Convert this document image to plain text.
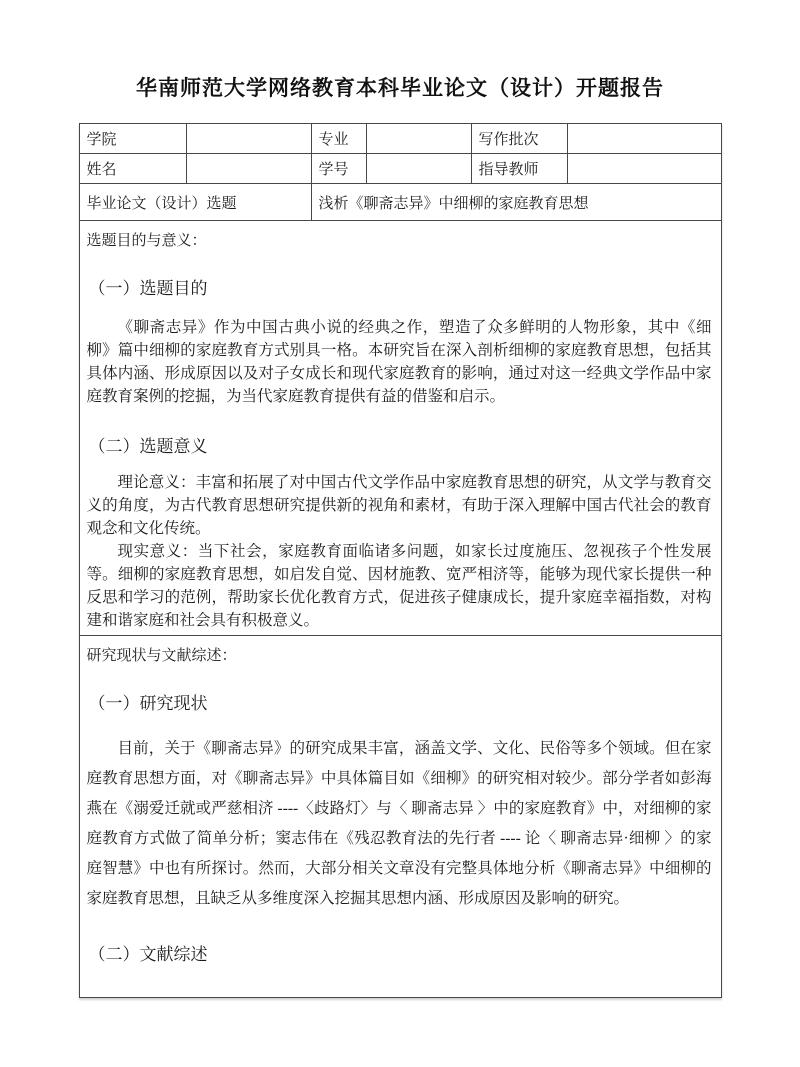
华南师范大学网络教育本科毕业论文（设计）开题报告
学院		专业		写作批次	
姓名		学号		指导教师	
毕业论文（设计）选题		浅析《聊斋志异》中细柳的家庭教育思想			

选题目的与意义：

（一）选题目的

《聊斋志异》作为中国古典小说的经典之作，塑造了众多鲜明的人物形象，其中《细柳》篇中细柳的家庭教育方式别具一格。本研究旨在深入剖析细柳的家庭教育思想，包括其具体内涵、形成原因以及对子女成长和现代家庭教育的影响，通过对这一经典文学作品中家庭教育案例的挖掘，为当代家庭教育提供有益的借鉴和启示。

（二）选题意义

理论意义：丰富和拓展了对中国古代文学作品中家庭教育思想的研究，从文学与教育交义的角度，为古代教育思想研究提供新的视角和素材，有助于深入理解中国古代社会的教育观念和文化传统。

现实意义：当下社会，家庭教育面临诸多问题，如家长过度施压、忽视孩子个性发展等。细柳的家庭教育思想，如启发自觉、因材施教、宽严相济等，能够为现代家长提供一种反思和学习的范例，帮助家长优化教育方式，促进孩子健康成长，提升家庭幸福指数，对构建和谐家庭和社会具有积极意义。

研究现状与文献综述：

（一）研究现状

目前，关于《聊斋志异》的研究成果丰富，涵盖文学、文化、民俗等多个领域。但在家庭教育思想方面，对《聊斋志异》中具体篇目如《细柳》的研究相对较少。部分学者如彭海燕在《溺爱迁就或严慈相济 ----〈歧路灯〉与〈 聊斋志异 〉中的家庭教育》中，对细柳的家庭教育方式做了简单分析；窦志伟在《残忍教育法的先行者 ---- 论〈 聊斋志异·细柳 〉的家庭智慧》中也有所探讨。然而，大部分相关文章没有完整具体地分析《聊斋志异》中细柳的家庭教育思想，且缺乏从多维度深入挖掘其思想内涵、形成原因及影响的研究。

（二）文献综述					
